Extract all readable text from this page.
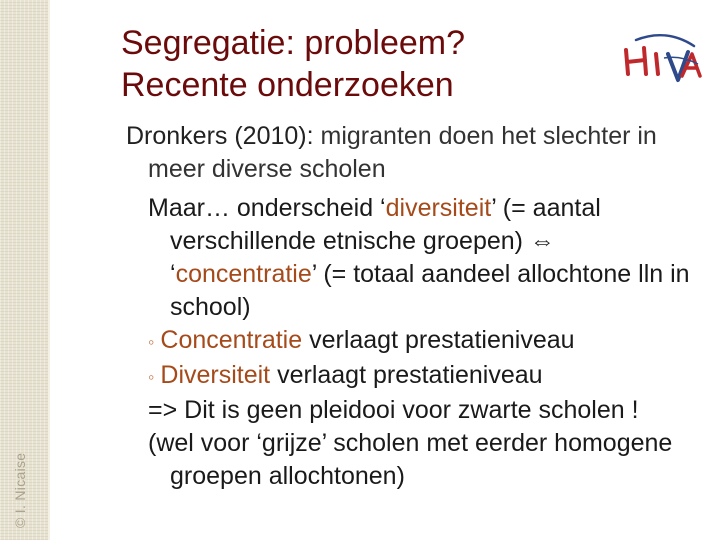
© I. Nicaise
Segregatie: probleem?
Recente onderzoeken

Dronkers (2010): migranten doen het slechter in meer diverse scholen

Maar… onderscheid ‘diversiteit’ (= aantal verschillende etnische groepen) ⇔ ‘concentratie’ (= totaal aandeel allochtone lln in school)
◦ Concentratie verlaagt prestatieniveau
◦ Diversiteit verlaagt prestatieniveau
=> Dit is geen pleidooi voor zwarte scholen !
(wel voor ‘grijze’ scholen met eerder homogene groepen allochtonen)
